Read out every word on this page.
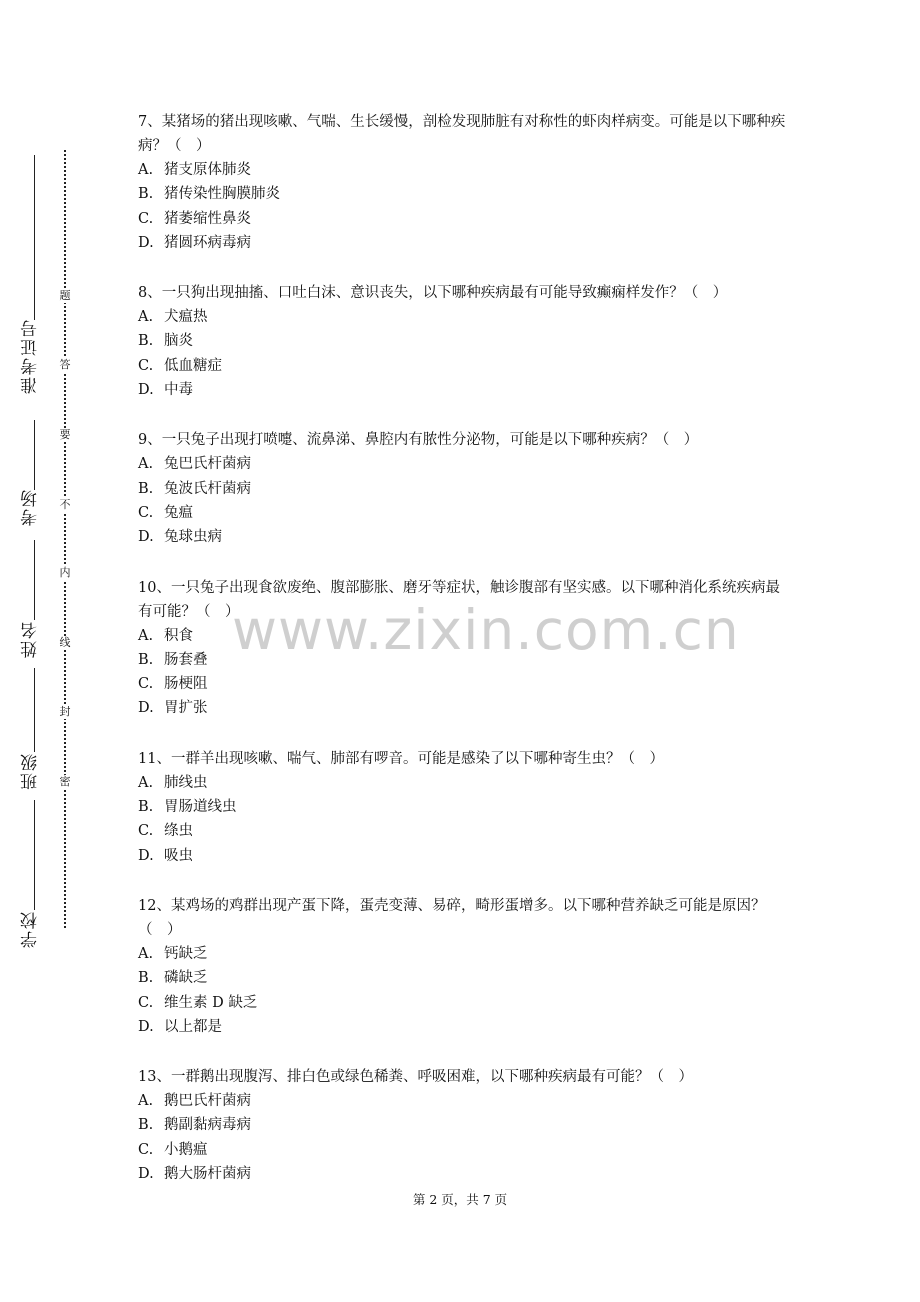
准考证号
考场
姓名
班级
学校
题
答
要
不
内
线
封
密
www.zixin.com.cn
7、某猪场的猪出现咳嗽、气喘、生长缓慢，剖检发现肺脏有对称性的虾肉样病变。可能是以下哪种疾病？（　）
A. 猪支原体肺炎
B. 猪传染性胸膜肺炎
C. 猪萎缩性鼻炎
D. 猪圆环病毒病
8、一只狗出现抽搐、口吐白沫、意识丧失，以下哪种疾病最有可能导致癫痫样发作？（　）
A. 犬瘟热
B. 脑炎
C. 低血糖症
D. 中毒
9、一只兔子出现打喷嚏、流鼻涕、鼻腔内有脓性分泌物，可能是以下哪种疾病？（　）
A. 兔巴氏杆菌病
B. 兔波氏杆菌病
C. 兔瘟
D. 兔球虫病
10、一只兔子出现食欲废绝、腹部膨胀、磨牙等症状，触诊腹部有坚实感。以下哪种消化系统疾病最有可能？（　）
A. 积食
B. 肠套叠
C. 肠梗阻
D. 胃扩张
11、一群羊出现咳嗽、喘气、肺部有啰音。可能是感染了以下哪种寄生虫？（　）
A. 肺线虫
B. 胃肠道线虫
C. 绦虫
D. 吸虫
12、某鸡场的鸡群出现产蛋下降，蛋壳变薄、易碎，畸形蛋增多。以下哪种营养缺乏可能是原因？（　）
A. 钙缺乏
B. 磷缺乏
C. 维生素 D 缺乏
D. 以上都是
13、一群鹅出现腹泻、排白色或绿色稀粪、呼吸困难，以下哪种疾病最有可能？（　）
A. 鹅巴氏杆菌病
B. 鹅副黏病毒病
C. 小鹅瘟
D. 鹅大肠杆菌病
第 2 页，共 7 页
